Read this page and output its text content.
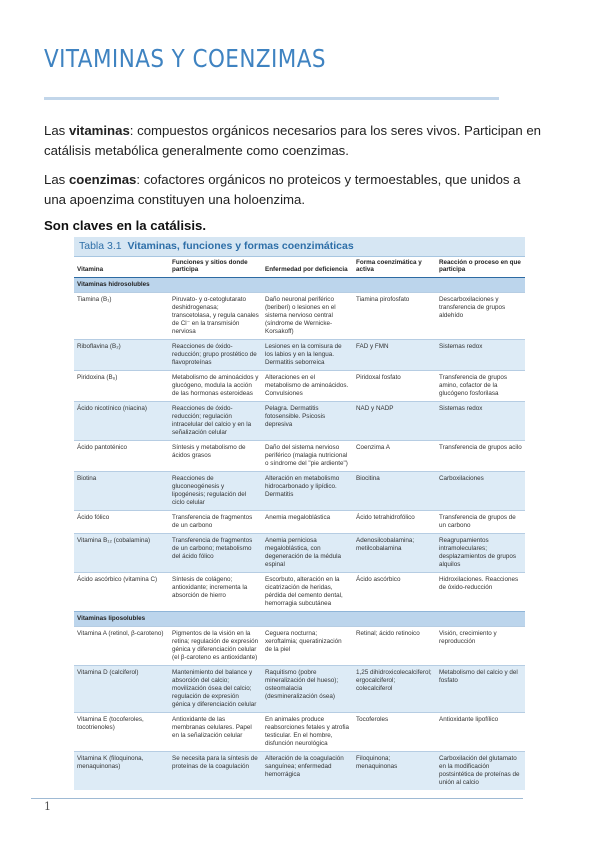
VITAMINAS Y COENZIMAS

Las vitaminas: compuestos orgánicos necesarios para los seres vivos. Participan en catálisis metabólica generalmente como coenzimas.

Las coenzimas: cofactores orgánicos no proteicos y termoestables, que unidos a una apoenzima constituyen una holoenzima.

Son claves en la catálisis.

Tabla 3.1 Vitaminas, funciones y formas coenzimáticas
Vitamina	Funciones y sitios donde participa	Enfermedad por deficiencia	Forma coenzimática y activa	Reacción o proceso en que participa
Vitaminas hidrosolubles				
Tiamina (B₁)	Piruvato- y α-cetoglutarato deshidrogenasa; transcetolasa, y regula canales de Cl⁻ en la transmisión nerviosa	Daño neuronal periférico (beriberi) o lesiones en el sistema nervioso central (síndrome de Wernicke-Korsakoff)	Tiamina pirofosfato	Descarboxilaciones y transferencia de grupos aldehído
Riboflavina (B₂)	Reacciones de óxido-reducción; grupo prostético de flavoproteínas	Lesiones en la comisura de los labios y en la lengua. Dermatitis seborreica	FAD y FMN	Sistemas redox
Piridoxina (B₆)	Metabolismo de aminoácidos y glucógeno, modula la acción de las hormonas esteroideas	Alteraciones en el metabolismo de aminoácidos. Convulsiones	Piridoxal fosfato	Transferencia de grupos amino, cofactor de la glucógeno fosforilasa
Ácido nicotínico (niacina)	Reacciones de óxido-reducción; regulación intracelular del calcio y en la señalización celular	Pelagra. Dermatitis fotosensible. Psicosis depresiva	NAD y NADP	Sistemas redox
Ácido pantoténico	Síntesis y metabolismo de ácidos grasos	Daño del sistema nervioso periférico (malagia nutricional o síndrome del "pie ardiente")	Coenzima A	Transferencia de grupos acilo
Biotina	Reacciones de gluconeogénesis y lipogénesis; regulación del ciclo celular	Alteración en metabolismo hidrocarbonado y lipídico. Dermatitis	Biocitina	Carboxilaciones
Ácido fólico	Transferencia de fragmentos de un carbono	Anemia megaloblástica	Ácido tetrahidrofólico	Transferencia de grupos de un carbono
Vitamina B₁₂ (cobalamina)	Transferencia de fragmentos de un carbono; metabolismo del ácido fólico	Anemia perniciosa megaloblástica, con degeneración de la médula espinal	Adenosilcobalamina; metilcobalamina	Reagrupamientos intramoleculares; desplazamientos de grupos alquilos
Ácido ascórbico (vitamina C)	Síntesis de colágeno; antioxidante; incrementa la absorción de hierro	Escorbuto, alteración en la cicatrización de heridas, pérdida del cemento dental, hemorragia subcutánea	Ácido ascórbico	Hidroxilaciones. Reacciones de óxido-reducción
Vitaminas liposolubles				
Vitamina A (retinol, β-caroteno)	Pigmentos de la visión en la retina; regulación de expresión génica y diferenciación celular (el β-caroteno es antioxidante)	Ceguera nocturna; xeroftalmia; queratinización de la piel	Retinal; ácido retinoico	Visión, crecimiento y reproducción
Vitamina D (calciferol)	Mantenimiento del balance y absorción del calcio; movilización ósea del calcio; regulación de expresión génica y diferenciación celular	Raquitismo (pobre mineralización del hueso); osteomalacia (desmineralización ósea)	1,25 dihidroxicolecalciferol; ergocalciferol; colecalciferol	Metabolismo del calcio y del fosfato
Vitamina E (tocoferoles, tocotrienoles)	Antioxidante de las membranas celulares. Papel en la señalización celular	En animales produce reabsorciones fetales y atrofia testicular. En el hombre, disfunción neurológica	Tocoferoles	Antioxidante lipofílico
Vitamina K (filoquinona, menaquinonas)	Se necesita para la síntesis de proteínas de la coagulación	Alteración de la coagulación sanguínea; enfermedad hemorrágica	Filoquinona; menaquinonas	Carboxilación del glutamato en la modificación postsintética de proteínas de unión al calcio

1
